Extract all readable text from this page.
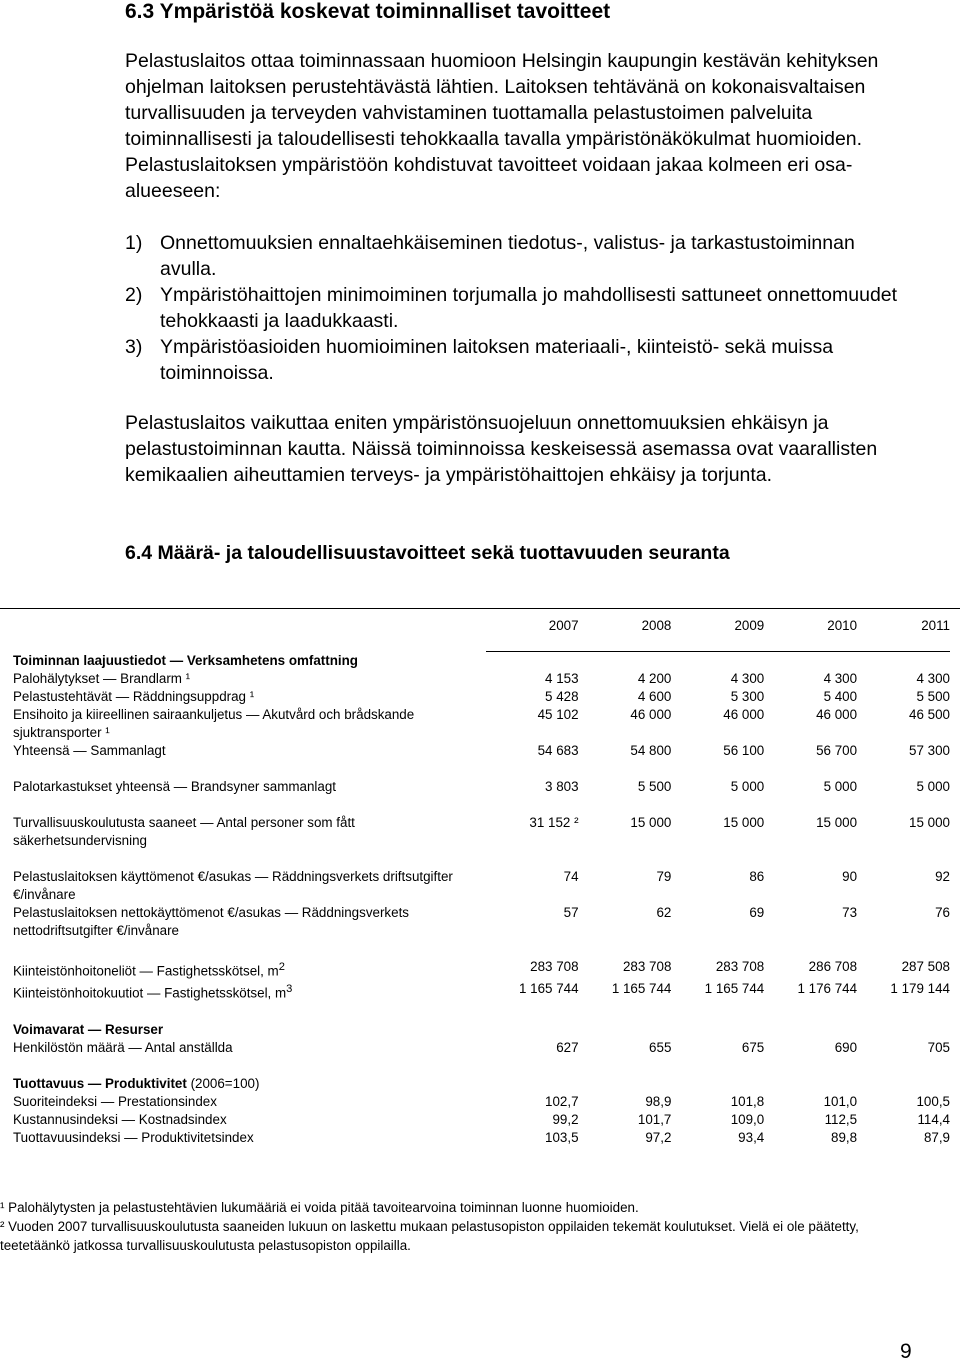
6.3 Ympäristöä koskevat toiminnalliset tavoitteet

Pelastuslaitos ottaa toiminnassaan huomioon Helsingin kaupungin kestävän kehityksen ohjelman laitoksen perustehtävästä lähtien. Laitoksen tehtävänä on kokonaisvaltaisen turvallisuuden ja terveyden vahvistaminen tuottamalla pelastustoimen palveluita toiminnallisesti ja taloudellisesti tehokkaalla tavalla ympäristönäkökulmat huomioiden. Pelastuslaitoksen ympäristöön kohdistuvat tavoitteet voidaan jakaa kolmeen eri osa-alueeseen:

1) Onnettomuuksien ennaltaehkäiseminen tiedotus-, valistus- ja tarkastustoiminnan avulla.
2) Ympäristöhaittojen minimoiminen torjumalla jo mahdollisesti sattuneet onnettomuudet tehokkaasti ja laadukkaasti.
3) Ympäristöasioiden huomioiminen laitoksen materiaali-, kiinteistö- sekä muissa toiminnoissa.

Pelastuslaitos vaikuttaa eniten ympäristönsuojeluun onnettomuuksien ehkäisyn ja pelastustoiminnan kautta. Näissä toiminnoissa keskeisessä asemassa ovat vaarallisten kemikaalien aiheuttamien terveys- ja ympäristöhaittojen ehkäisy ja torjunta.

6.4 Määrä- ja taloudellisuustavoitteet sekä tuottavuuden seuranta
	2007	2008	2009	2010	2011
Toiminnan laajuustiedot — Verksamhetens omfattning					
Palohälytykset — Brandlarm ¹	4 153	4 200	4 300	4 300	4 300
Pelastustehtävät — Räddningsuppdrag ¹	5 428	4 600	5 300	5 400	5 500
Ensihoito ja kiireellinen sairaankuljetus — Akutvård och brådskande sjuktransporter ¹	45 102	46 000	46 000	46 000	46 500
Yhteensä — Sammanlagt	54 683	54 800	56 100	56 700	57 300

Palotarkastukset yhteensä — Brandsyner sammanlagt	3 803	5 500	5 000	5 000	5 000

Turvallisuuskoulutusta saaneet — Antal personer som fått säkerhetsundervisning	31 152 ²	15 000	15 000	15 000	15 000

Pelastuslaitoksen käyttömenot €/asukas — Räddningsverkets driftsutgifter €/invånare	74	79	86	90	92
Pelastuslaitoksen nettokäyttömenot €/asukas — Räddningsverkets nettodriftsutgifter €/invånare	57	62	69	73	76

Kiinteistönhoitoneliöt — Fastighetsskötsel, $m^2$	283 708	283 708	283 708	286 708	287 508
Kiinteistönhoitokuutiot — Fastighetsskötsel, $m^3$	1 165 744	1 165 744	1 165 744	1 176 744	1 179 144

Voimavarat — Resurser					
Henkilöstön määrä — Antal anställda	627	655	675	690	705

Tuottavuus — Produktivitet (2006=100)					
Suoriteindeksi — Prestationsindex	102,7	98,9	101,8	101,0	100,5
Kustannusindeksi — Kostnadsindex	99,2	101,7	109,0	112,5	114,4
Tuottavuusindeksi — Produktivitetsindex	103,5	97,2	93,4	89,8	87,9

¹ Palohälytysten ja pelastustehtävien lukumääriä ei voida pitää tavoitearvoina toiminnan luonne huomioiden.

² Vuoden 2007 turvallisuuskoulutusta saaneiden lukuun on laskettu mukaan pelastusopiston oppilaiden tekemät koulutukset. Vielä ei ole päätetty, teetetäänkö jatkossa turvallisuuskoulutusta pelastusopiston oppilailla.

9
